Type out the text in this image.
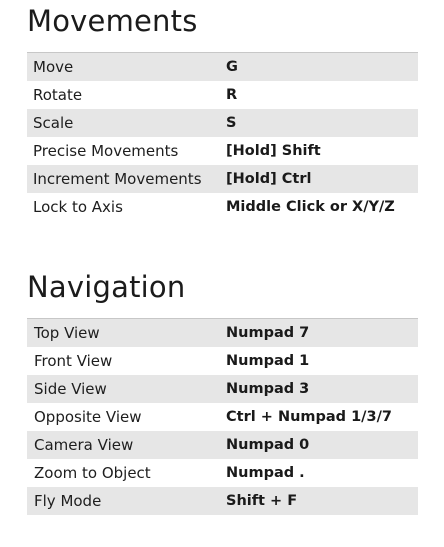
Movements
Move	G
Rotate	R
Scale	S
Precise Movements	[Hold] Shift
Increment Movements	[Hold] Ctrl
Lock to Axis	Middle Click or X/Y/Z
Navigation
Top View	Numpad 7
Front View	Numpad 1
Side View	Numpad 3
Opposite View	Ctrl + Numpad 1/3/7
Camera View	Numpad 0
Zoom to Object	Numpad .
Fly Mode	Shift + F
